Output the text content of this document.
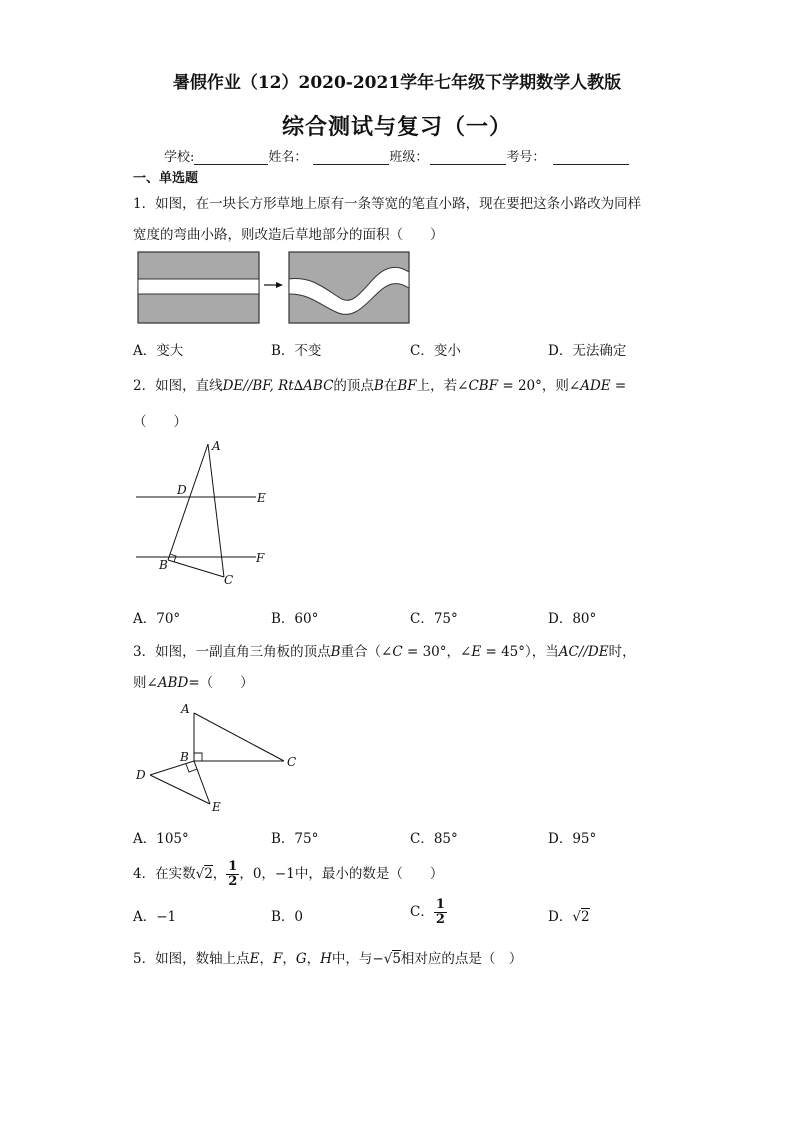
暑假作业（12）2020-2021学年七年级下学期数学人教版
综合测试与复习（一）
学校:	姓名：	班级：	考号：
一、单选题
1．如图，在一块长方形草地上原有一条等宽的笔直小路，现在要把这条小路改为同样
宽度的弯曲小路，则改造后草地部分的面积（　　）
A．变大	B．不变	C．变小	D．无法确定
2．如图，直线DE//BF, Rt∆ABC的顶点B在BF上，若∠CBF = 20°，则∠ADE =
（　　）
A
D
E
B	F
C
A．70°	B．60°	C．75°	D．80°
3．如图，一副直角三角板的顶点B重合（∠C = 30°，∠E = 45°），当AC//DE时，
则∠ABD=（　　）
A
B	C
D
E
A．105°	B．75°	C．85°	D．95°
4．在实数√2， $\frac{1}{2}$ ，0，−1中，最小的数是（　　）
A．−1	B．0	C． $\frac{1}{2}$	D．√2
5．如图，数轴上点E，F，G，H中，与−√5相对应的点是（　）
